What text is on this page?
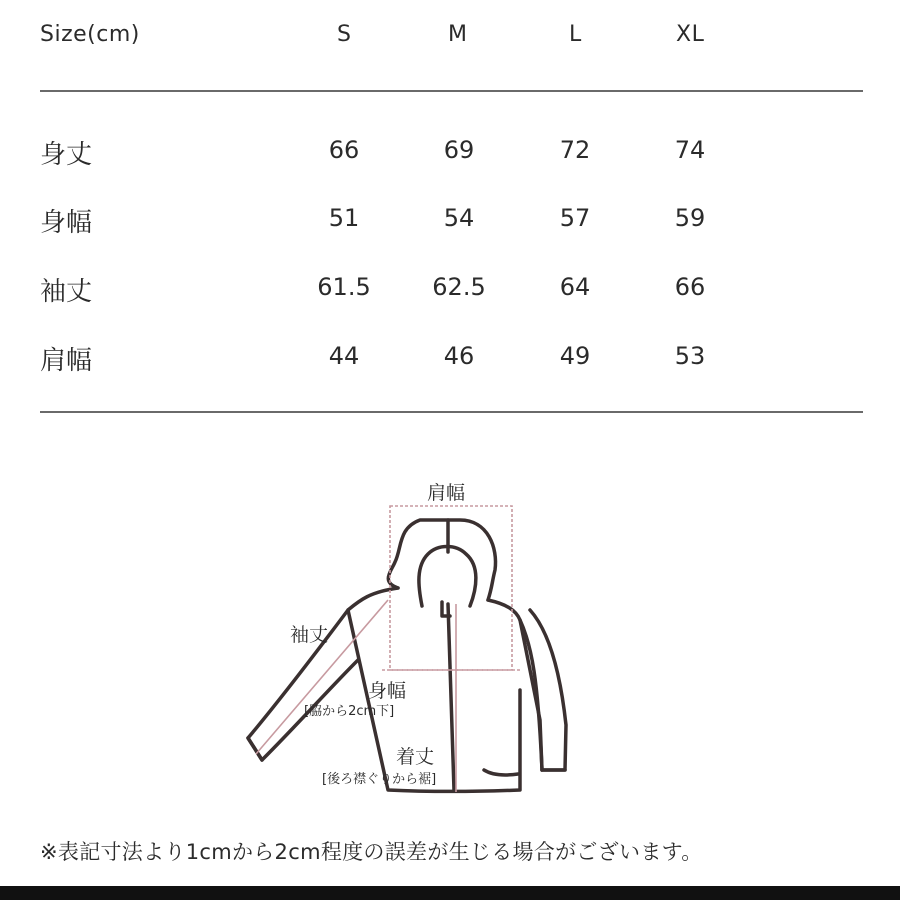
Size(cm)	S	M	L	XL
身丈	66	69	72	74
身幅	51	54	57	59
袖丈	61.5	62.5	64	66
肩幅	44	46	49	53
肩幅
袖丈
身幅
[脇から2cm下]
着丈
[後ろ襟ぐりから裾]
※表記寸法より1cmから2cm程度の誤差が生じる場合がございます。
